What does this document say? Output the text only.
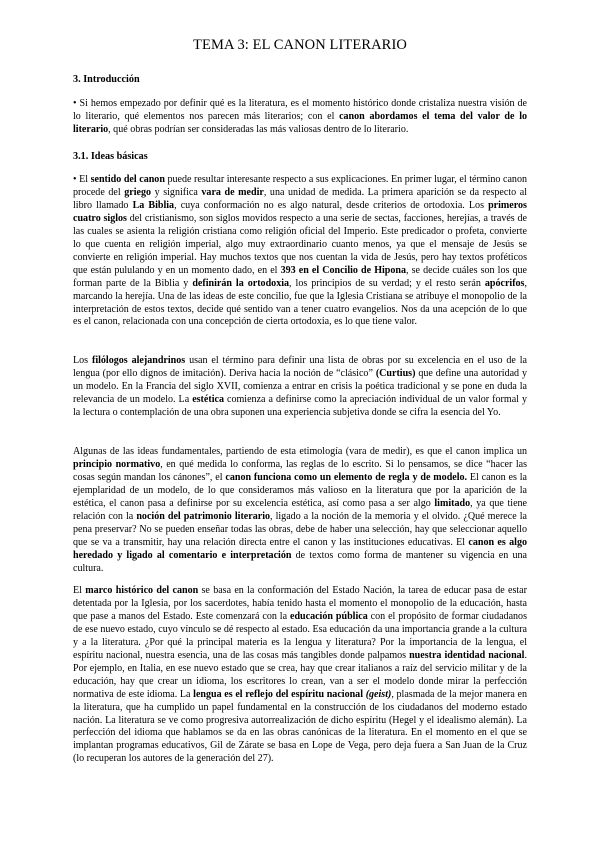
TEMA 3: EL CANON LITERARIO
3. Introducción

• Si hemos empezado por definir qué es la literatura, es el momento histórico donde cristaliza nuestra visión de lo literario, qué elementos nos parecen más literarios; con el canon abordamos el tema del valor de lo literario, qué obras podrían ser consideradas las más valiosas dentro de lo literario.

3.1. Ideas básicas

• El sentido del canon puede resultar interesante respecto a sus explicaciones. En primer lugar, el término canon procede del griego y significa vara de medir, una unidad de medida. La primera aparición se da respecto al libro llamado La Biblia, cuya conformación no es algo natural, desde criterios de ortodoxia. Los primeros cuatro siglos del cristianismo, son siglos movidos respecto a una serie de sectas, facciones, herejías, a través de las cuales se asienta la religión cristiana como religión oficial del Imperio. Este predicador o profeta, convierte lo que cuenta en religión imperial, algo muy extraordinario cuanto menos, ya que el mensaje de Jesús se convierte en religión imperial. Hay muchos textos que nos cuentan la vida de Jesús, pero hay textos proféticos que están pululando y en un momento dado, en el 393 en el Concilio de Hipona, se decide cuáles son los que forman parte de la Biblia y definirán la ortodoxia, los principios de su verdad; y el resto serán apócrifos, marcando la herejía. Una de las ideas de este concilio, fue que la Iglesia Cristiana se atribuye el monopolio de la interpretación de estos textos, decide qué sentido van a tener cuatro evangelios. Nos da una acepción de lo que es el canon, relacionada con una concepción de cierta ortodoxia, es lo que tiene valor.

Los filólogos alejandrinos usan el término para definir una lista de obras por su excelencia en el uso de la lengua (por ello dignos de imitación). Deriva hacia la noción de “clásico” (Curtius) que define una autoridad y un modelo. En la Francia del siglo XVII, comienza a entrar en crisis la poética tradicional y se pone en duda la relevancia de un modelo. La estética comienza a definirse como la apreciación individual de un valor formal y la lectura o contemplación de una obra suponen una experiencia subjetiva donde se cifra la esencia del Yo.

Algunas de las ideas fundamentales, partiendo de esta etimología (vara de medir), es que el canon implica un principio normativo, en qué medida lo conforma, las reglas de lo escrito. Si lo pensamos, se dice “hacer las cosas según mandan los cánones”, el canon funciona como un elemento de regla y de modelo. El canon es la ejemplaridad de un modelo, de lo que consideramos más valioso en la literatura que por la aparición de la estética, el canon pasa a definirse por su excelencia estética, así como pasa a ser algo limitado, ya que tiene relación con la noción del patrimonio literario, ligado a la noción de la memoria y el olvido. ¿Qué merece la pena preservar? No se pueden enseñar todas las obras, debe de haber una selección, hay que seleccionar aquello que se va a transmitir, hay una relación directa entre el canon y las instituciones educativas. El canon es algo heredado y ligado al comentario e interpretación de textos como forma de mantener su vigencia en una cultura.

El marco histórico del canon se basa en la conformación del Estado Nación, la tarea de educar pasa de estar detentada por la Iglesia, por los sacerdotes, había tenido hasta el momento el monopolio de la educación, hasta que pase a manos del Estado. Este comenzará con la educación pública con el propósito de formar ciudadanos de ese nuevo estado, cuyo vínculo se dé respecto al estado. Esa educación da una importancia grande a la cultura y a la literatura. ¿Por qué la principal materia es la lengua y literatura? Por la importancia de la lengua, el espíritu nacional, nuestra esencia, una de las cosas más tangibles donde palpamos nuestra identidad nacional. Por ejemplo, en Italia, en ese nuevo estado que se crea, hay que crear italianos a raíz del servicio militar y de la educación, hay que crear un idioma, los escritores lo crean, van a ser el modelo donde mirar la perfección normativa de este idioma. La lengua es el reflejo del espíritu nacional (geist), plasmada de la mejor manera en la literatura, que ha cumplido un papel fundamental en la construcción de los ciudadanos del moderno estado nación. La literatura se ve como progresiva autorrealización de dicho espíritu (Hegel y el idealismo alemán). La perfección del idioma que hablamos se da en las obras canónicas de la literatura. En el momento en el que se implantan programas educativos, Gil de Zárate se basa en Lope de Vega, pero deja fuera a San Juan de la Cruz (lo recuperan los autores de la generación del 27).
